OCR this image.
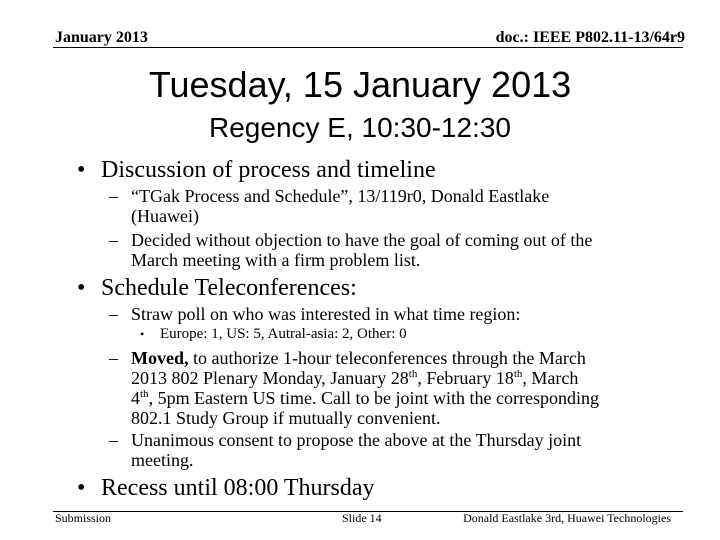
January 2013	doc.: IEEE P802.11-13/64r9
Tuesday, 15 January 2013
Regency E, 10:30-12:30
• Discussion of process and timeline
– “TGak Process and Schedule”, 13/119r0, Donald Eastlake
(Huawei)
– Decided without objection to have the goal of coming out of the
March meeting with a firm problem list.
• Schedule Teleconferences:
– Straw poll on who was interested in what time region:
• Europe: 1, US: 5, Autral-asia: 2, Other: 0
– Moved, to authorize 1-hour teleconferences through the March
2013 802 Plenary Monday, January 28th, February 18th, March
4th, 5pm Eastern US time. Call to be joint with the corresponding
802.1 Study Group if mutually convenient.
– Unanimous consent to propose the above at the Thursday joint
meeting.
• Recess until 08:00 Thursday
Submission	Slide 14	Donald Eastlake 3rd, Huawei Technologies
